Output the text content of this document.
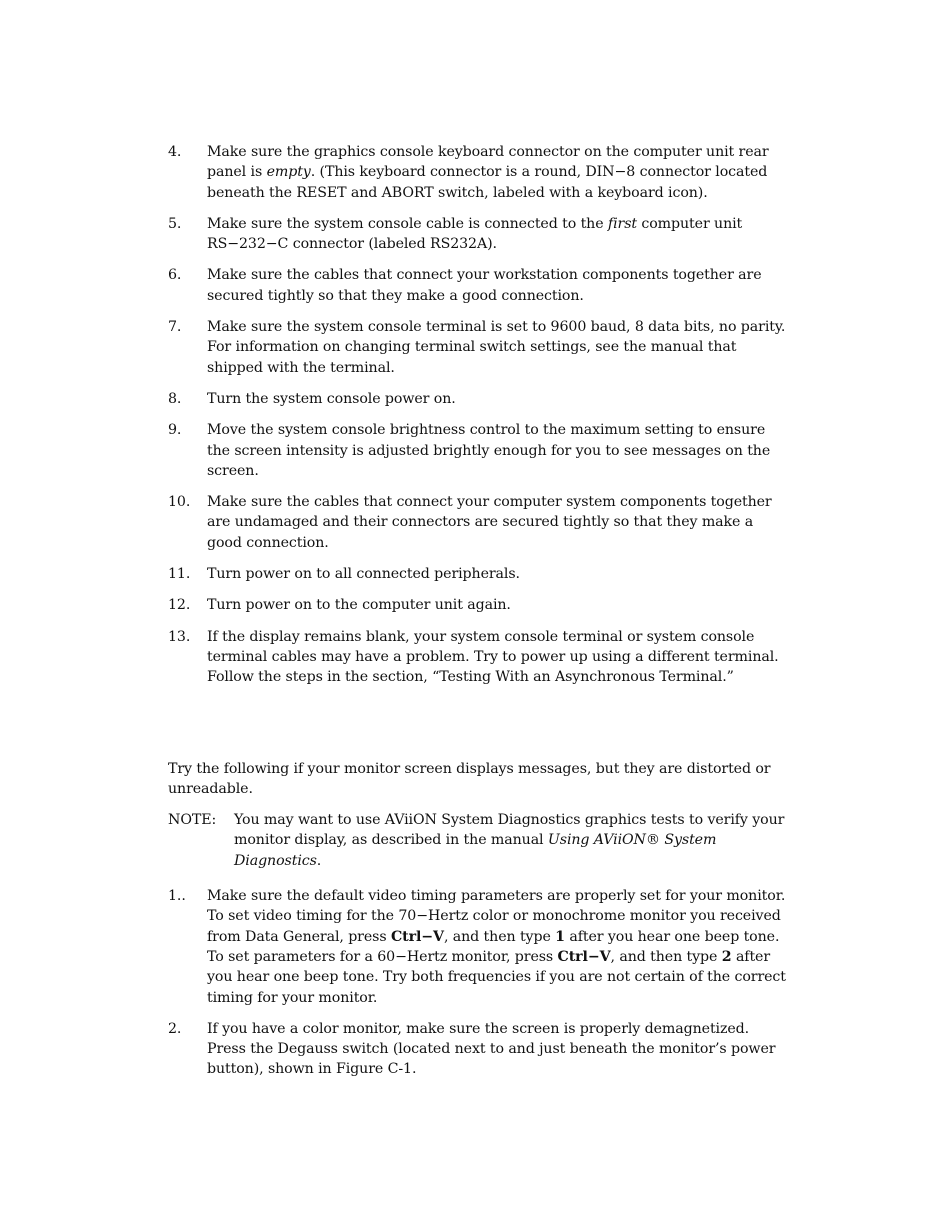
4.	Make sure the graphics console keyboard connector on the computer unit rear panel is empty. (This keyboard connector is a round, DIN−8 connector located beneath the RESET and ABORT switch, labeled with a keyboard icon).
5.	Make sure the system console cable is connected to the first computer unit RS−232−C connector (labeled RS232A).
6.	Make sure the cables that connect your workstation components together are secured tightly so that they make a good connection.
7.	Make sure the system console terminal is set to 9600 baud, 8 data bits, no parity. For information on changing terminal switch settings, see the manual that shipped with the terminal.
8.	Turn the system console power on.
9.	Move the system console brightness control to the maximum setting to ensure the screen intensity is adjusted brightly enough for you to see messages on the screen.
10.	Make sure the cables that connect your computer system components together are undamaged and their connectors are secured tightly so that they make a good connection.
11.	Turn power on to all connected peripherals.
12.	Turn power on to the computer unit again.
13.	If the display remains blank, your system console terminal or system console terminal cables may have a problem. Try to power up using a different terminal. Follow the steps in the section, “Testing With an Asynchronous Terminal.”
Try the following if your monitor screen displays messages, but they are distorted or unreadable.
NOTE:	You may want to use AViiON System Diagnostics graphics tests to verify your monitor display, as described in the manual Using AViiON® System Diagnostics.
1..	Make sure the default video timing parameters are properly set for your monitor. To set video timing for the 70−Hertz color or monochrome monitor you received from Data General, press Ctrl−V, and then type 1 after you hear one beep tone. To set parameters for a 60−Hertz monitor, press Ctrl−V, and then type 2 after you hear one beep tone. Try both frequencies if you are not certain of the correct timing for your monitor.
2.	If you have a color monitor, make sure the screen is properly demagnetized. Press the Degauss switch (located next to and just beneath the monitor’s power button), shown in Figure C-1.
